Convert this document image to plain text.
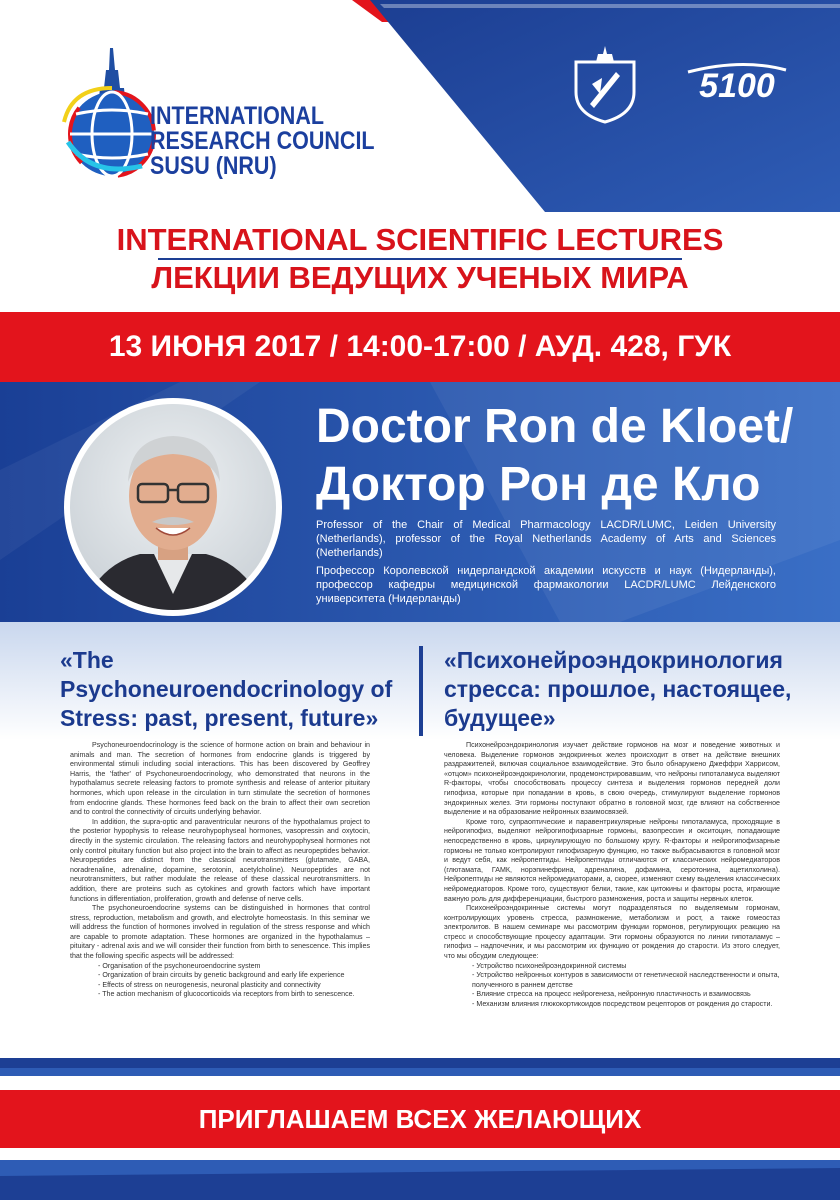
INTERNATIONAL
RESEARCH COUNCIL
SUSU (NRU)
5100
INTERNATIONAL SCIENTIFIC LECTURES
ЛЕКЦИИ ВЕДУЩИХ УЧЕНЫХ МИРА
13 ИЮНЯ 2017 / 14:00-17:00 / АУД. 428, ГУК
Doctor Ron de Kloet/
Доктор Рон де Кло
Professor of the Chair of Medical Pharmacology LACDR/LUMC, Leiden University (Netherlands), professor of the Royal Netherlands Academy of Arts and Sciences (Netherlands)
Профессор Королевской нидерландской академии искусств и наук (Нидерланды), профессор кафедры медицинской фармакологии LACDR/LUMC Лейденского университета (Нидерланды)
«The Psychoneuroendocrinology of Stress: past, present, future»

Psychoneuroendocrinology is the science of hormone action on brain and behaviour in animals and man. The secretion of hormones from endocrine glands is triggered by environmental stimuli including social interactions. This has been discovered by Geoffrey Harris, the 'father' of Psychoneuroendocrinology, who demonstrated that neurons in the hypothalamus secrete releasing factors to promote synthesis and release of anterior pituitary hormones, which upon release in the circulation in turn stimulate the secretion of hormones from endocrine glands. These hormones feed back on the brain to affect their own secretion and to control the connectivity of circuits underlying behavior.

In addition, the supra-optic and paraventricular neurons of the hypothalamus project to the posterior hypophysis to release neurohypophyseal hormones, vasopressin and oxytocin, directly in the systemic circulation. The releasing factors and neurohypophyseal hormones not only control pituitary function but also project into the brain to affect as neuropeptides behavior. Neuropeptides are distinct from the classical neurotransmitters (glutamate, GABA, noradrenaline, adrenaline, dopamine, serotonin, acetylcholine). Neuropeptides are not neurotransmitters, but rather modulate the release of these classical neurotransmitters. In addition, there are proteins such as cytokines and growth factors which have important functions in differentiation, proliferation, growth and defense of nerve cells.

The psychoneuroendocrine systems can be distinguished in hormones that control stress, reproduction, metabolism and growth, and electrolyte homeostasis. In this seminar we will address the function of hormones involved in regulation of the stress response and which are capable to promote adaptation. These hormones are organized in the hypothalamus – pituitary - adrenal axis and we will consider their function from birth to senescence. This implies that the following specific aspects will be addressed:

- Organisation of the psychoneuroendocrine system
- Organization of brain circuits by genetic background and early life experience
- Effects of stress on neurogenesis, neuronal plasticity and connectivity
- The action mechanism of glucocorticoids via receptors from birth to senescence.
«Психонейроэндокринология стресса: прошлое, настоящее, будущее»

Психонейроэндокринология изучает действие гормонов на мозг и поведение животных и человека. Выделение гормонов эндокринных желез происходит в ответ на действие внешних раздражителей, включая социальное взаимодействие. Это было обнаружено Джеффри Харрисом, «отцом» психонейроэндокринологии, продемонстрировавшим, что нейроны гипоталамуса выделяют R-факторы, чтобы способствовать процессу синтеза и выделения гормонов передней доли гипофиза, которые при попадании в кровь, в свою очередь, стимулируют выделение гормонов эндокринных желез. Эти гормоны поступают обратно в головной мозг, где влияют на собственное выделение и на образование нейронных взаимосвязей.

Кроме того, супраоптические и паравентрикулярные нейроны гипоталамуса, проходящие в нейрогипофиз, выделяют нейрогипофизарные гормоны, вазопрессин и окситоцин, попадающие непосредственно в кровь, циркулирующую по большому кругу. R-факторы и нейрогипофизарные гормоны не только контролируют гипофизарную функцию, но также выбрасываются в головной мозг и ведут себя, как нейропептиды. Нейропептиды отличаются от классических нейромедиаторов (глютамата, ГАМК, норэпинефрина, адреналина, дофамина, серотонина, ацетилхолина). Нейропептиды не являются нейромедиаторами, а, скорее, изменяют схему выделения классических нейромедиаторов. Кроме того, существуют белки, такие, как цитокины и факторы роста, играющие важную роль для дифференциации, быстрого размножения, роста и защиты нервных клеток.

Психонейроэндокринные системы могут подразделяться по выделяемым гормонам, контролирующих уровень стресса, размножение, метаболизм и рост, а также гомеостаз электролитов. В нашем семинаре мы рассмотрим функции гормонов, регулирующих реакцию на стресс и способствующие процессу адаптации. Эти гормоны образуются по линии гипоталамус – гипофиз – надпочечник, и мы рассмотрим их функцию от рождения до старости. Из этого следует, что мы обсудим следующее:

- Устройство психонейроэндокринной системы
- Устройство нейронных контуров в зависимости от генетической наследственности и опыта, полученного в раннем детстве
- Влияние стресса на процесс нейрогенеза, нейронную пластичность и взаимосвязь
- Механизм влияния глюкокортикоидов посредством рецепторов от рождения до старости.
ПРИГЛАШАЕМ ВСЕХ ЖЕЛАЮЩИХ
